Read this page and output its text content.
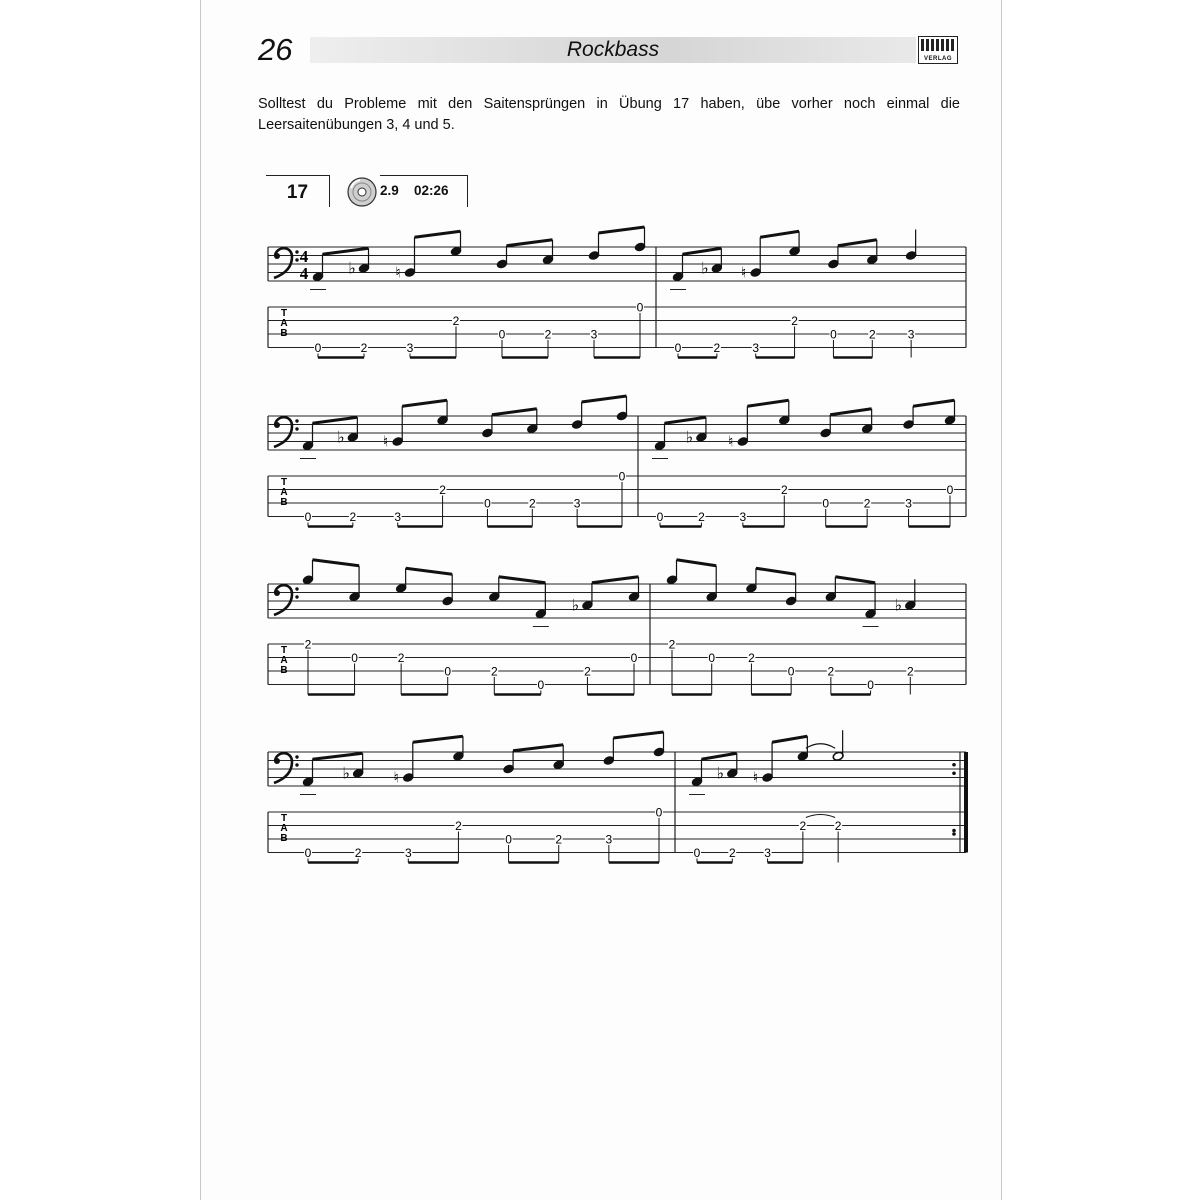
26	Rockbass	VERLAG
Solltest du Probleme mit den Saitensprüngen in Übung 17 haben, übe vorher noch einmal die Leersaitenübungen 3, 4 und 5.
17	2.9 02:26
4
4
T
A
B
0
♭
2
♮
3
2
0	2	3
0
0
♭
2
♮
3
2
0	2	3
T
A
B
0
♭
2
♮
3
2
0	2	3
0
0
♭
2
♮
3
2
0	2	3
0
T
A
B
2
0	2
0	2
0
♭
2
0
2
0	2
0	2
0
♭
2
T
A
B
0
♭
2
♮
3
2
0	2	3
0
0
♭
2
♮
3
2 2
